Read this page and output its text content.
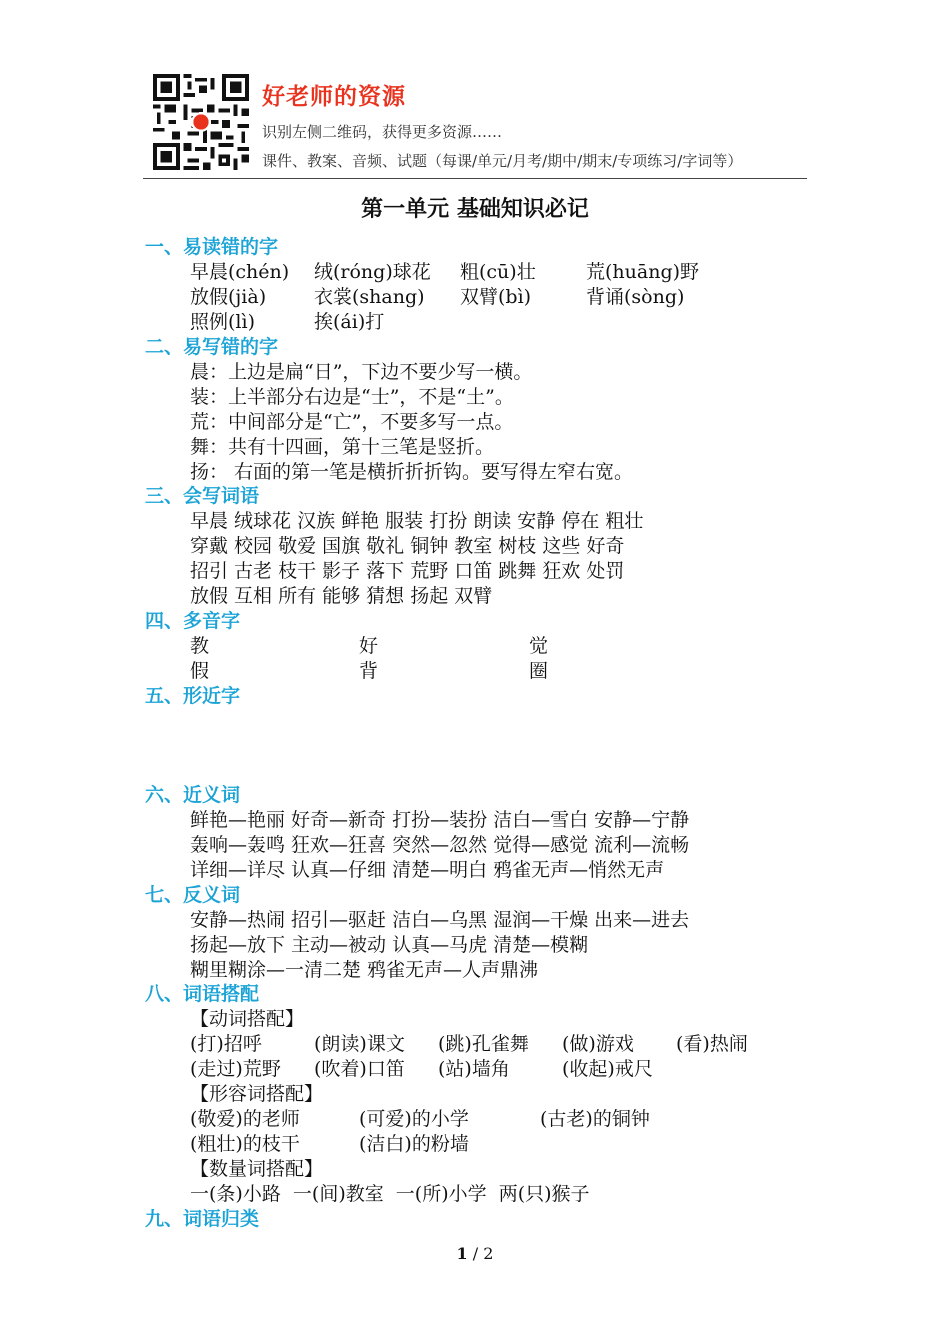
好老师的资源
识别左侧二维码，获得更多资源……
课件、教案、音频、试题（每课/单元/月考/期中/期末/专项练习/字词等）
第一单元 基础知识必记
一、易读错的字
早晨(chén) 绒(róng)球花 粗(cū)壮	荒(huāng)野
放假(jià)	衣裳(shang) 双臂(bì)	背诵(sòng)
照例(lì)	挨(ái)打
二、易写错的字
晨：上边是扁“日”，下边不要少写一横。
装：上半部分右边是“士”，不是“土”。
荒：中间部分是“亡”，不要多写一点。
舞：共有十四画，第十三笔是竖折。
扬： 右面的第一笔是横折折折钩。要写得左窄右宽。
三、会写词语
早晨 绒球花 汉族 鲜艳 服装 打扮 朗读 安静 停在 粗壮
穿戴 校园 敬爱 国旗 敬礼 铜钟 教室 树枝 这些 好奇
招引 古老 枝干 影子 落下 荒野 口笛 跳舞 狂欢 处罚
放假 互相 所有 能够 猜想 扬起 双臂
四、多音字
教	好	觉
假	背	圈
五、形近字
六、近义词
鲜艳—艳丽 好奇—新奇 打扮—装扮 洁白—雪白 安静—宁静
轰响—轰鸣 狂欢—狂喜 突然—忽然 觉得—感觉 流利—流畅
详细—详尽 认真—仔细 清楚—明白 鸦雀无声—悄然无声
七、反义词
安静—热闹 招引—驱赶 洁白—乌黑 湿润—干燥 出来—进去
扬起—放下 主动—被动 认真—马虎 清楚—模糊
糊里糊涂—一清二楚 鸦雀无声—人声鼎沸
八、词语搭配
【动词搭配】
(打)招呼	(朗读)课文 (跳)孔雀舞 (做)游戏 (看)热闹
(走过)荒野 (吹着)口笛 (站)墙角	(收起)戒尺
【形容词搭配】
(敬爱)的老师	(可爱)的小学	(古老)的铜钟
(粗壮)的枝干	(洁白)的粉墙
【数量词搭配】
一(条)小路  一(间)教室  一(所)小学  两(只)猴子
九、词语归类
1 / 2
